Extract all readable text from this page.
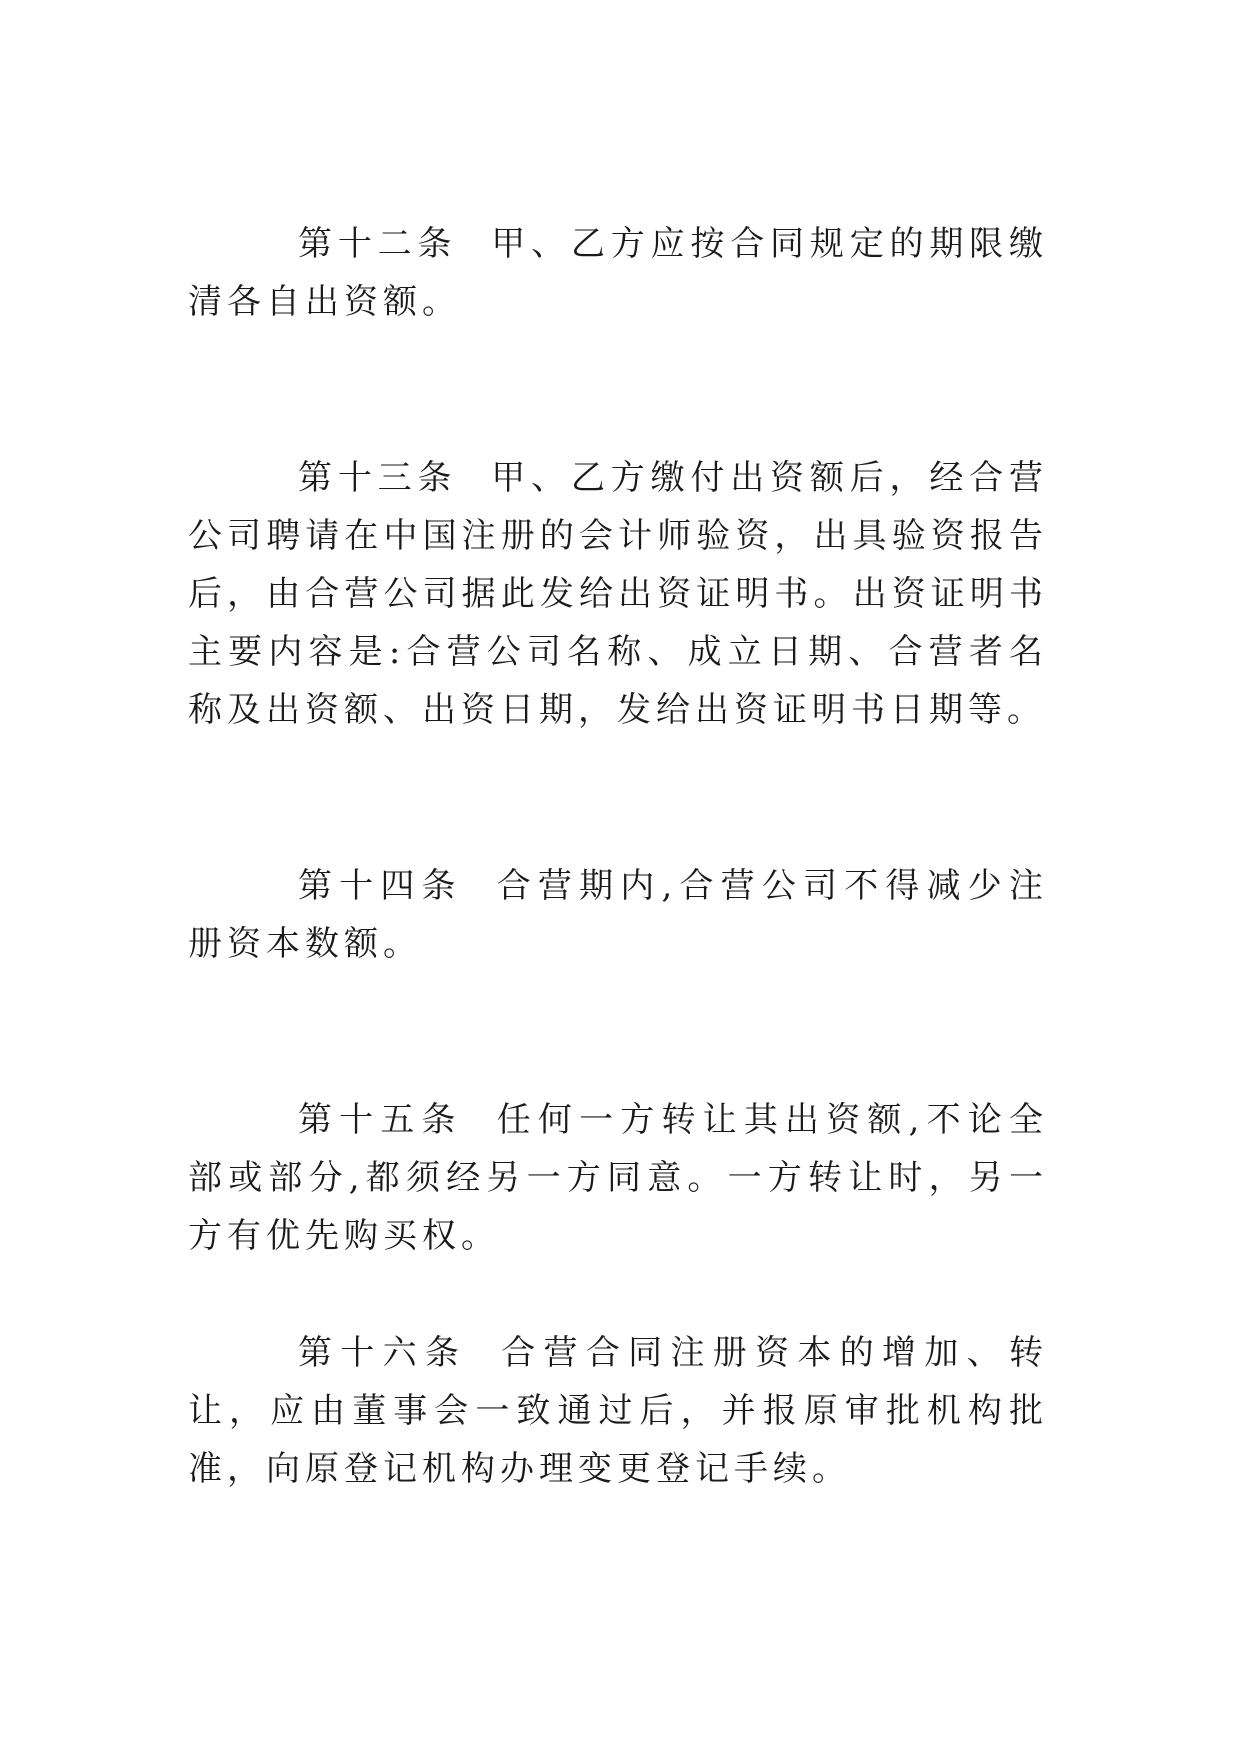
第十二条 甲、乙方应按合同规定的期限缴清各自出资额。

第十三条 甲、乙方缴付出资额后，经合营公司聘请在中国注册的会计师验资，出具验资报告后，由合营公司据此发给出资证明书。出资证明书主要内容是:合营公司名称、成立日期、合营者名称及出资额、出资日期，发给出资证明书日期等。

第十四条 合营期内,合营公司不得减少注册资本数额。

第十五条 任何一方转让其出资额,不论全部或部分,都须经另一方同意。一方转让时，另一方有优先购买权。

第十六条 合营合同注册资本的增加、转让，应由董事会一致通过后，并报原审批机构批准，向原登记机构办理变更登记手续。
